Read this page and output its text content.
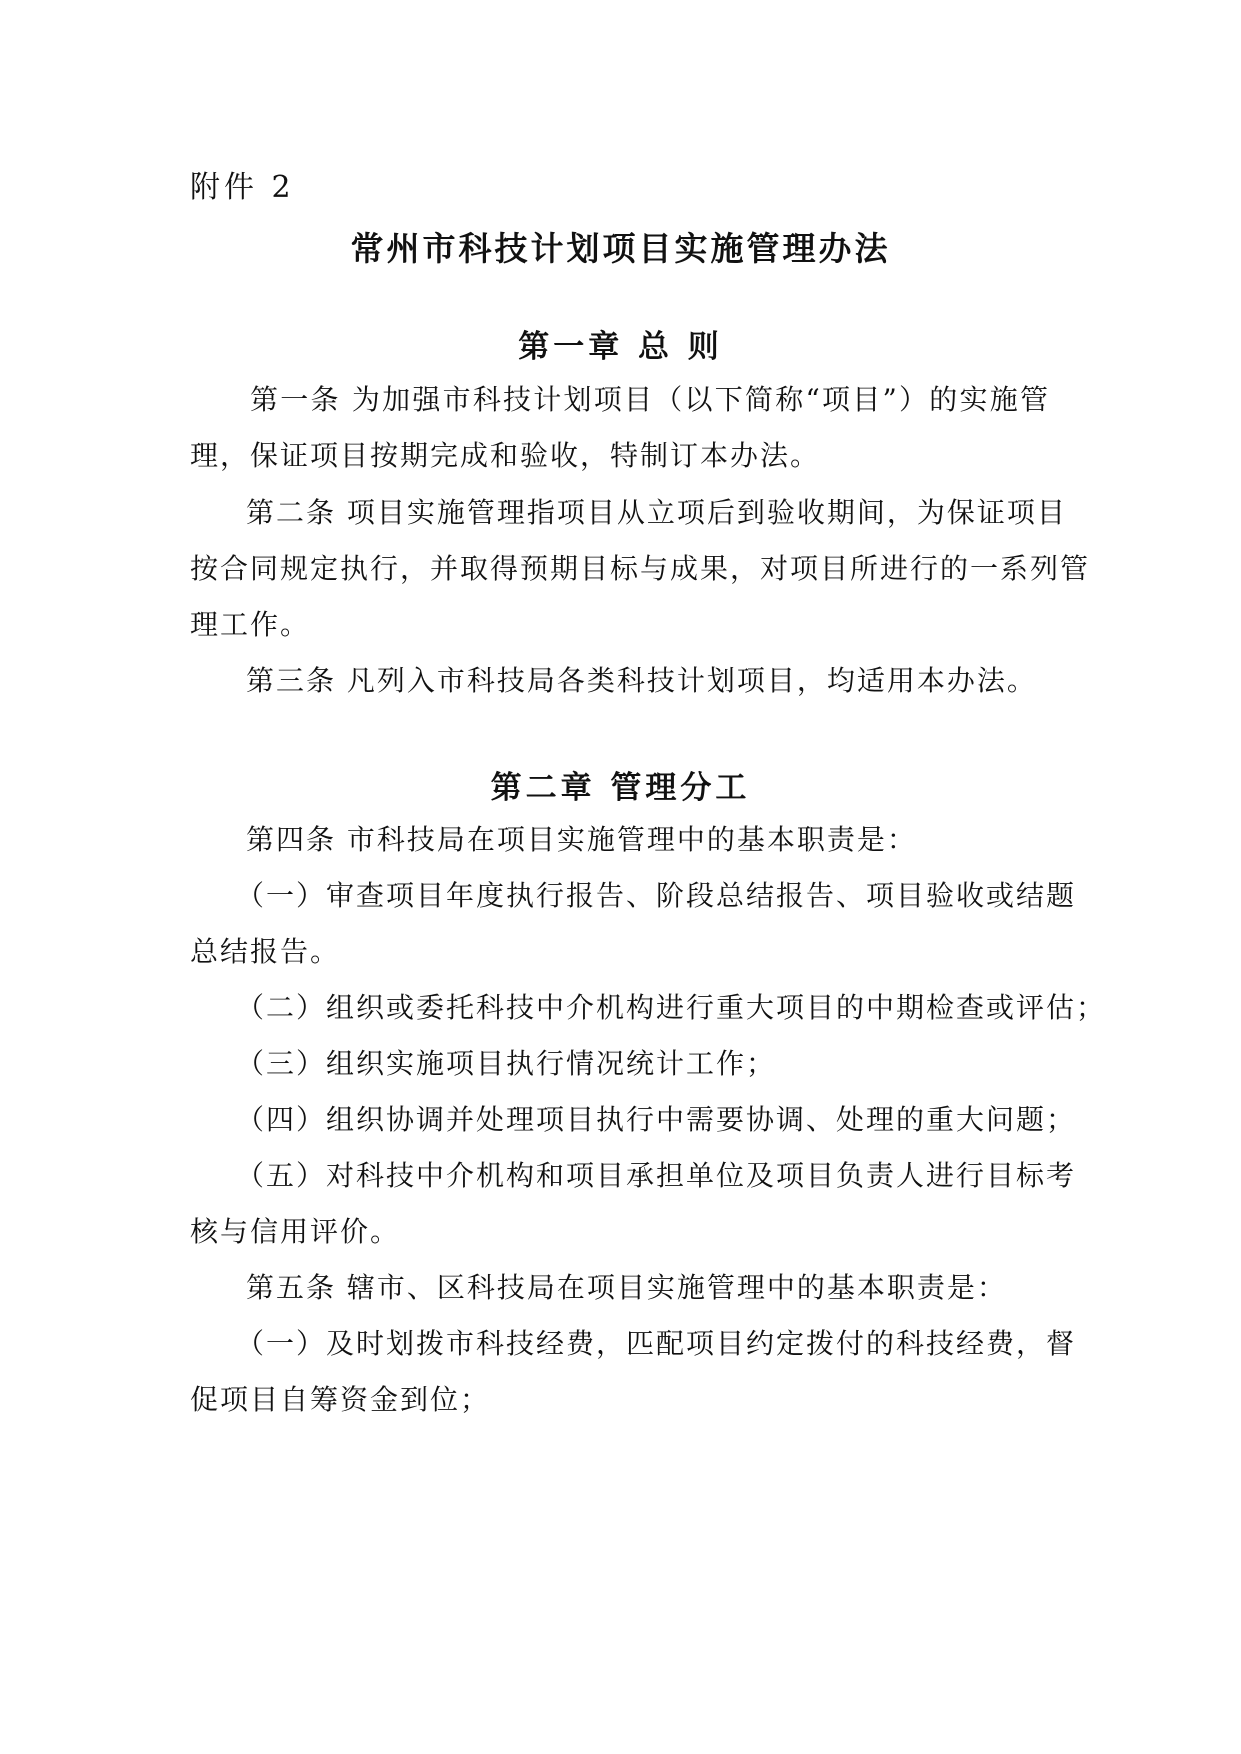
附件 2
常州市科技计划项目实施管理办法
第一章 总 则
第一条 为加强市科技计划项目（以下简称“项目”）的实施管
理，保证项目按期完成和验收，特制订本办法。
第二条 项目实施管理指项目从立项后到验收期间，为保证项目
按合同规定执行，并取得预期目标与成果，对项目所进行的一系列管
理工作。
第三条 凡列入市科技局各类科技计划项目，均适用本办法。
第二章 管理分工
第四条 市科技局在项目实施管理中的基本职责是：
（一）审查项目年度执行报告、阶段总结报告、项目验收或结题
总结报告。
（二）组织或委托科技中介机构进行重大项目的中期检查或评估；
（三）组织实施项目执行情况统计工作；
（四）组织协调并处理项目执行中需要协调、处理的重大问题；
（五）对科技中介机构和项目承担单位及项目负责人进行目标考
核与信用评价。
第五条 辖市、区科技局在项目实施管理中的基本职责是：
（一）及时划拨市科技经费，匹配项目约定拨付的科技经费，督
促项目自筹资金到位；
